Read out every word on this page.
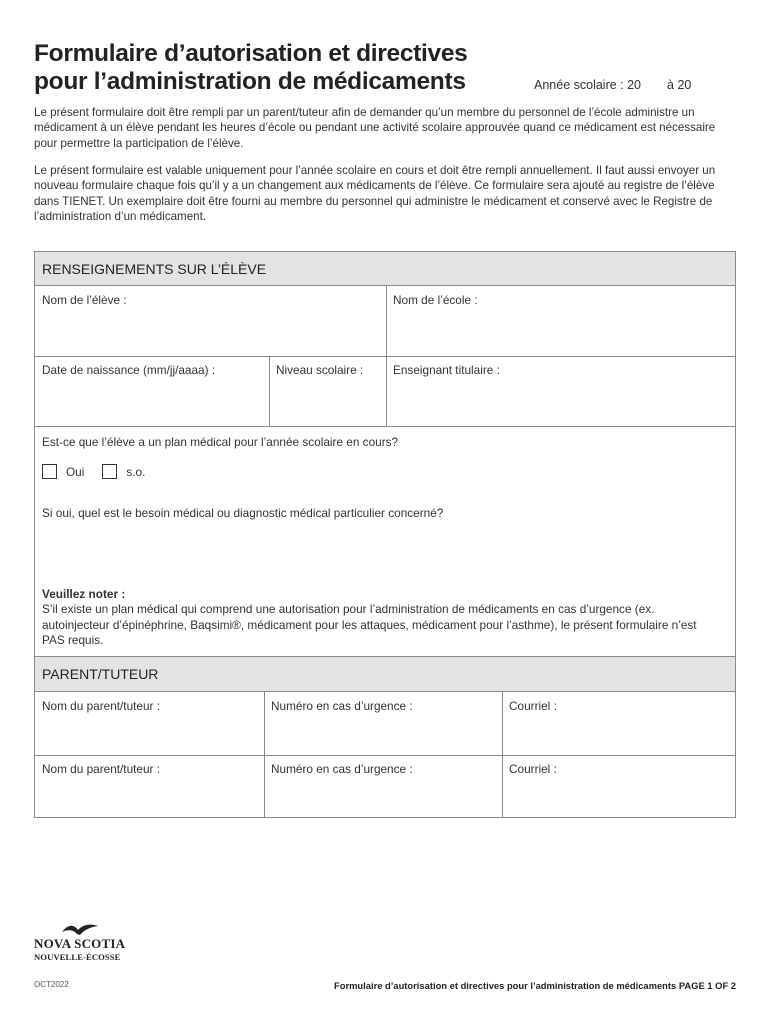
Formulaire d’autorisation et directives
pour l’administration de médicaments	Année scolaire : 20 à 20

Le présent formulaire doit être rempli par un parent/tuteur afin de demander qu’un membre du personnel de l’école administre un médicament à un élève pendant les heures d’école ou pendant une activité scolaire approuvée quand ce médicament est nécessaire pour permettre la participation de l’élève.

Le présent formulaire est valable uniquement pour l’année scolaire en cours et doit être rempli annuellement. Il faut aussi envoyer un nouveau formulaire chaque fois qu’il y a un changement aux médicaments de l’élève. Ce formulaire sera ajouté au registre de l’élève dans TIENET. Un exemplaire doit être fourni au membre du personnel qui administre le médicament et conservé avec le Registre de l’administration d’un médicament.

RENSEIGNEMENTS SUR L’ÉLÈVE
Nom de l’élève :	Nom de l’école :
Date de naissance (mm/jj/aaaa) :	Niveau scolaire :	Enseignant titulaire :
Est-ce que l’élève a un plan médical pour l’année scolaire en cours?
Oui	s.o.
Si oui, quel est le besoin médical ou diagnostic médical particulier concerné?
Veuillez noter :
S’il existe un plan médical qui comprend une autorisation pour l’administration de médicaments en cas d’urgence (ex. autoinjecteur d’épinéphrine, Baqsimi®, médicament pour les attaques, médicament pour l’asthme), le présent formulaire n’est PAS requis.
PARENT/TUTEUR
Nom du parent/tuteur :	Numéro en cas d’urgence :	Courriel :
Nom du parent/tuteur :	Numéro en cas d’urgence :	Courriel :
NOVA SCOTIA
NOUVELLE-ÉCOSSE
OCT2022	Formulaire d’autorisation et directives pour l’administration de médicaments PAGE 1 OF 2
